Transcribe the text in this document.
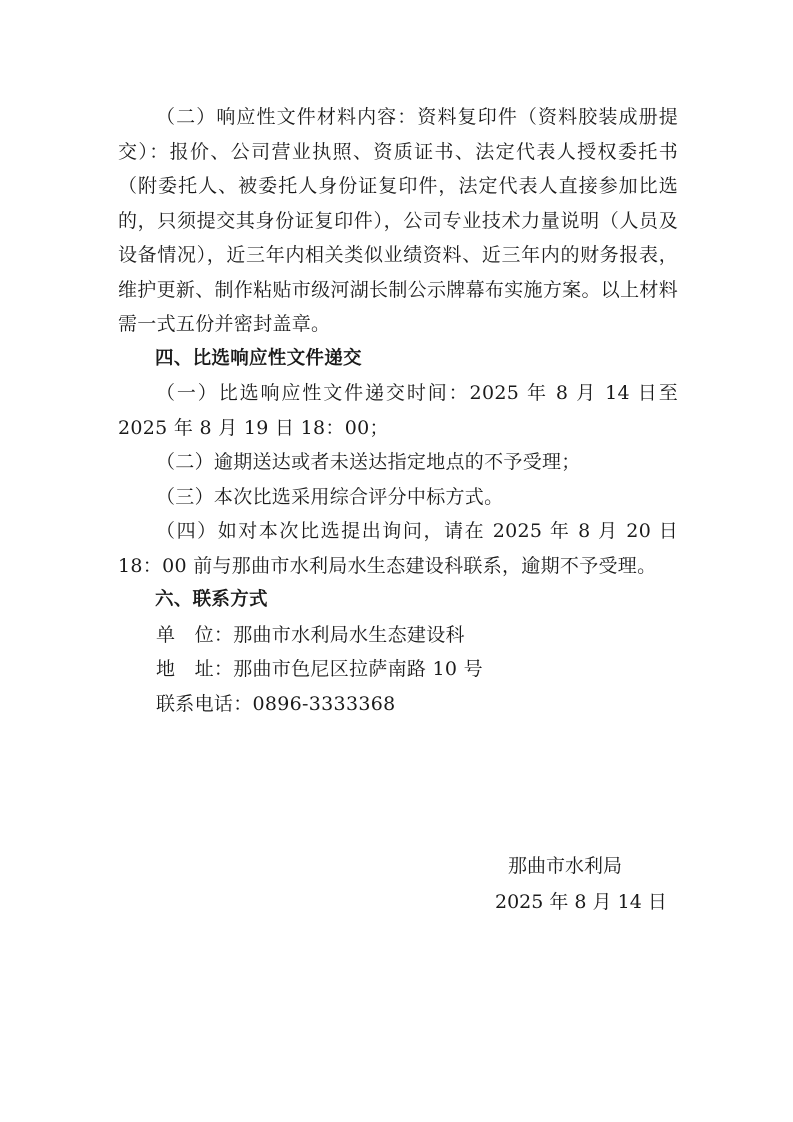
（二）响应性文件材料内容：资料复印件（资料胶装成册提交）：报价、公司营业执照、资质证书、法定代表人授权委托书（附委托人、被委托人身份证复印件，法定代表人直接参加比选的，只须提交其身份证复印件），公司专业技术力量说明（人员及设备情况），近三年内相关类似业绩资料、近三年内的财务报表，维护更新、制作粘贴市级河湖长制公示牌幕布实施方案。以上材料需一式五份并密封盖章。

四、比选响应性文件递交

（一）比选响应性文件递交时间：2025 年 8 月 14 日至 2025 年 8 月 19 日 18：00；

（二）逾期送达或者未送达指定地点的不予受理；

（三）本次比选采用综合评分中标方式。

（四）如对本次比选提出询问，请在 2025 年 8 月 20 日 18：00 前与那曲市水利局水生态建设科联系，逾期不予受理。

六、联系方式

单　位：那曲市水利局水生态建设科

地　址：那曲市色尼区拉萨南路 10 号

联系电话：0896-3333368

那曲市水利局
2025 年 8 月 14 日
